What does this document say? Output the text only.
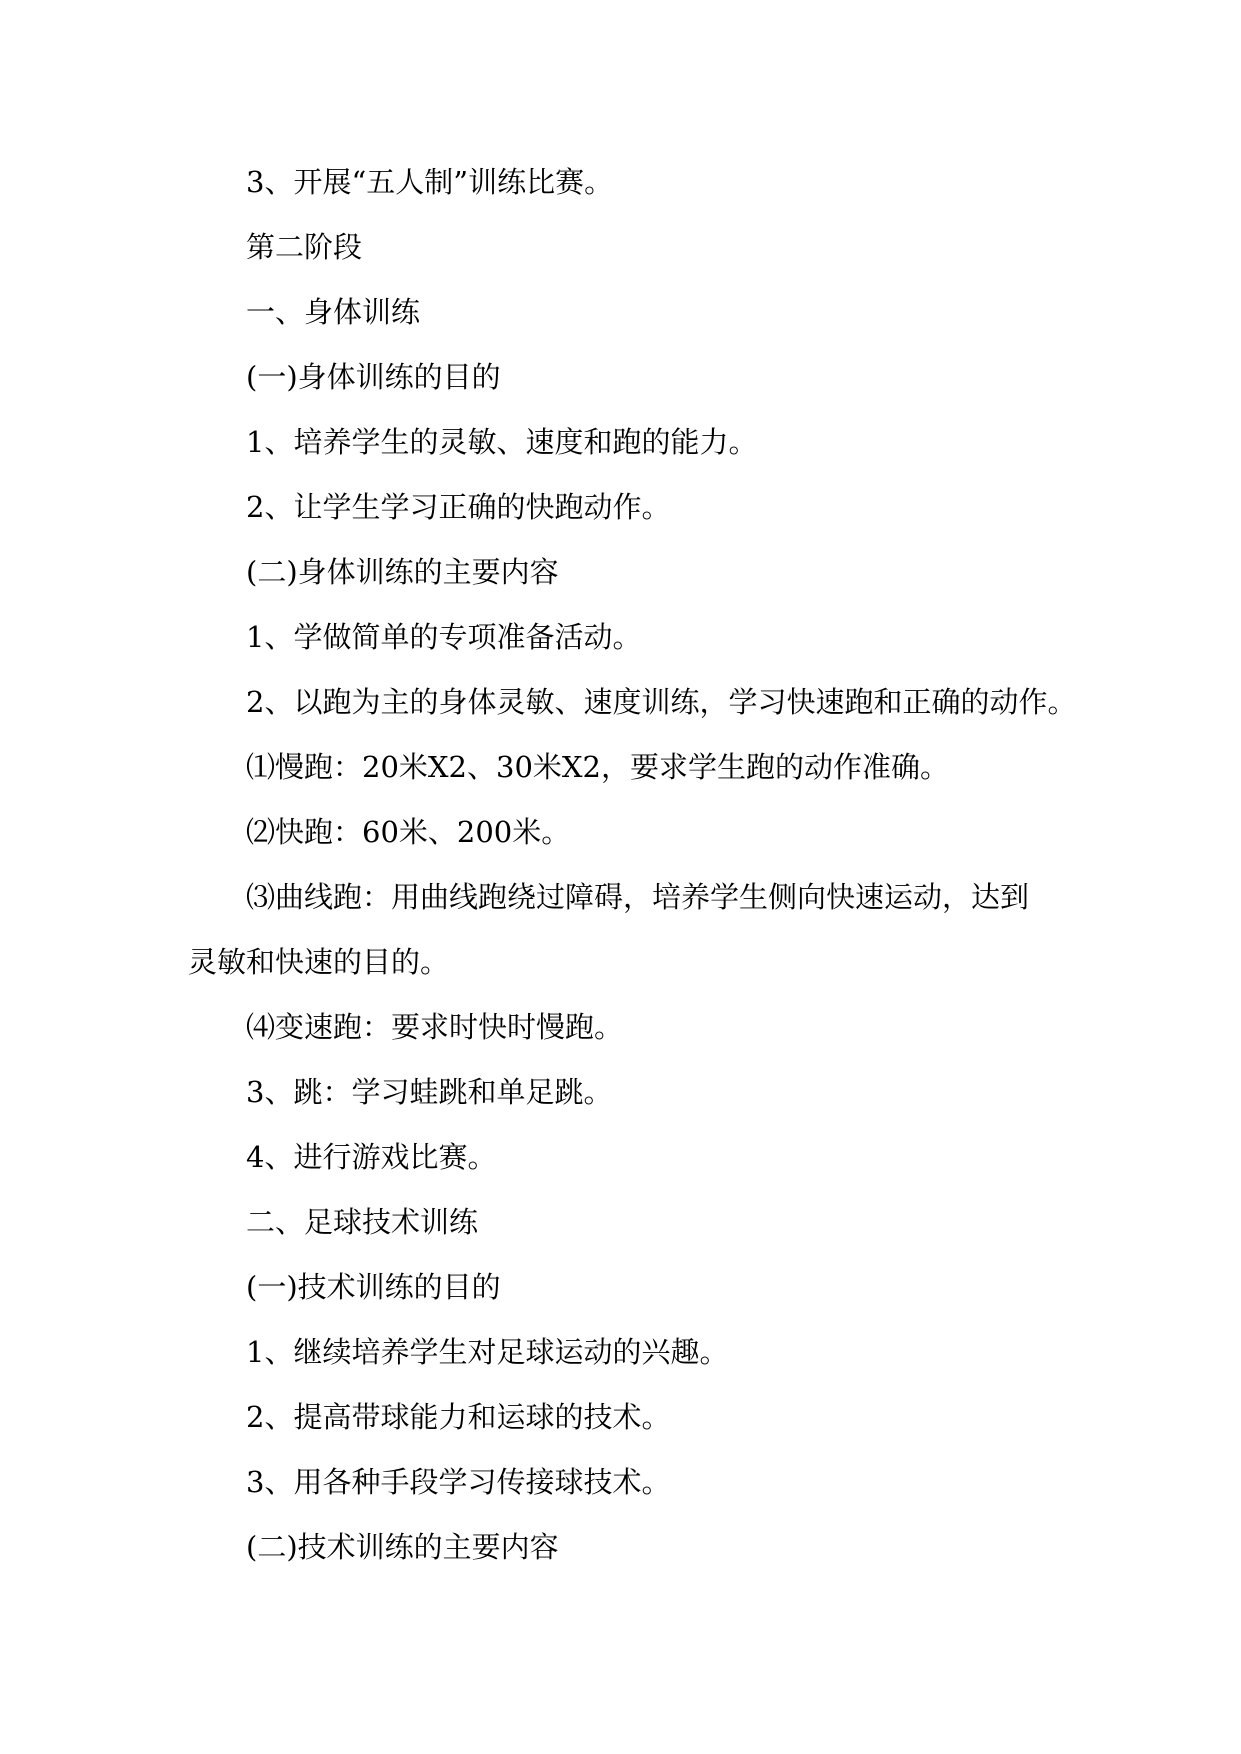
3、开展“五人制”训练比赛。
第二阶段
一、身体训练
(一)身体训练的目的
1、培养学生的灵敏、速度和跑的能力。
2、让学生学习正确的快跑动作。
(二)身体训练的主要内容
1、学做简单的专项准备活动。
2、以跑为主的身体灵敏、速度训练，学习快速跑和正确的动作。
⑴慢跑：20米X2、30米X2，要求学生跑的动作准确。
⑵快跑：60米、200米。
⑶曲线跑：用曲线跑绕过障碍，培养学生侧向快速运动，达到
灵敏和快速的目的。
⑷变速跑：要求时快时慢跑。
3、跳：学习蛙跳和单足跳。
4、进行游戏比赛。
二、足球技术训练
(一)技术训练的目的
1、继续培养学生对足球运动的兴趣。
2、提高带球能力和运球的技术。
3、用各种手段学习传接球技术。
(二)技术训练的主要内容
